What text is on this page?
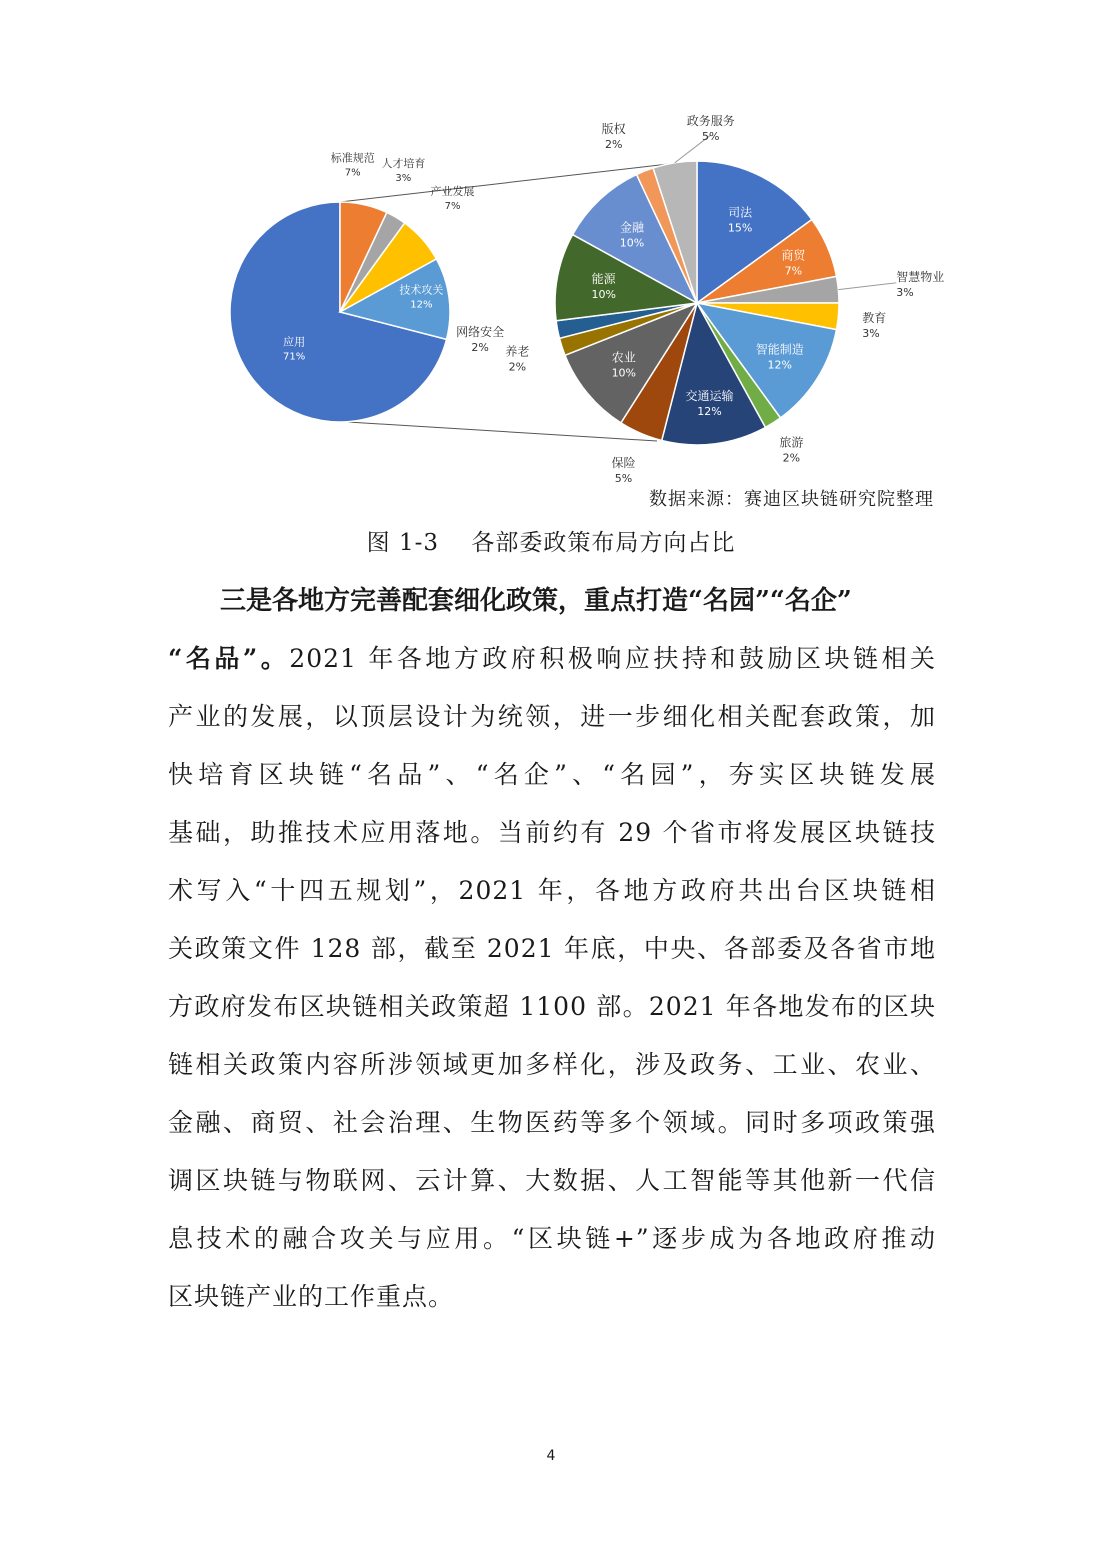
应用
71%
标准规范
7%
人才培育
3%
产业发展
7%
技术攻关
12%
司法
15%
商贸
7%	智慧物业
3%
教育
3%
智能制造
12%
旅游
2%
交通运输
12%
保险
5%
农业
10%
养老
2%
网络安全
2%
能源
10%
金融
10%
版权
2%
政务服务
5%
数据来源：赛迪区块链研究院整理
图 1-3 各部委政策布局方向占比

三是各地方完善配套细化政策，重点打造“名园”“名企”

“名品”。2021 年各地方政府积极响应扶持和鼓励区块链相关

产业的发展，以顶层设计为统领，进一步细化相关配套政策，加

快培育区块链“名品”、“名企”、“名园”，夯实区块链发展

基础，助推技术应用落地。当前约有 29 个省市将发展区块链技

术写入“十四五规划”，2021 年，各地方政府共出台区块链相

关政策文件 128 部，截至 2021 年底，中央、各部委及各省市地

方政府发布区块链相关政策超 1100 部。2021 年各地发布的区块

链相关政策内容所涉领域更加多样化，涉及政务、工业、农业、

金融、商贸、社会治理、生物医药等多个领域。同时多项政策强

调区块链与物联网、云计算、大数据、人工智能等其他新一代信

息技术的融合攻关与应用。“区块链+”逐步成为各地政府推动

区块链产业的工作重点。

4
